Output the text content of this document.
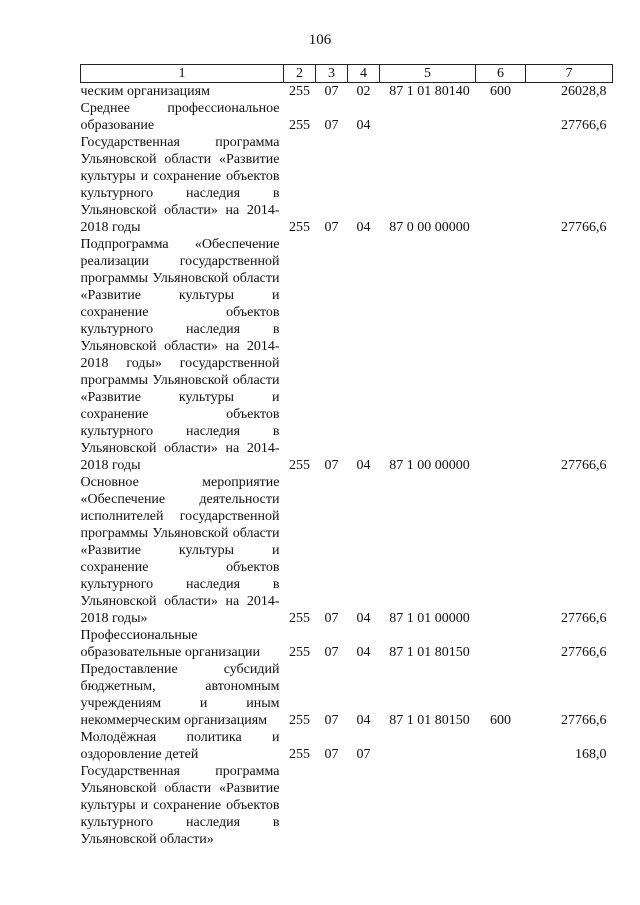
106
1	2	3	4	5	6	7
ческим организациям	255	07	02	87 1 01 80140	600	26028,8
Среднее профессиональное образование	255	07	04			27766,6
Государственная программа Ульяновской области «Развитие культуры и сохранение объектов культурного наследия в Ульяновской области» на 2014-2018 годы	255	07	04	87 0 00 00000		27766,6
Подпрограмма «Обеспечение реализации государственной программы Ульяновской области «Развитие культуры и сохранение объектов культурного наследия в Ульяновской области» на 2014-2018 годы» государственной программы Ульяновской области «Развитие культуры и сохранение объектов культурного наследия в Ульяновской области» на 2014-2018 годы	255	07	04	87 1 00 00000		27766,6
Основное мероприятие «Обеспечение деятельности исполнителей государственной программы Ульяновской области «Развитие культуры и сохранение объектов культурного наследия в Ульяновской области» на 2014-2018 годы»	255	07	04	87 1 01 00000		27766,6
Профессиональные образовательные организации	255	07	04	87 1 01 80150		27766,6
Предоставление субсидий бюджетным, автономным учреждениям и иным некоммерческим организациям	255	07	04	87 1 01 80150	600	27766,6
Молодёжная политика и оздоровление детей	255	07	07			168,0
Государственная программа Ульяновской области «Развитие культуры и сохранение объектов культурного наследия в Ульяновской области»						
